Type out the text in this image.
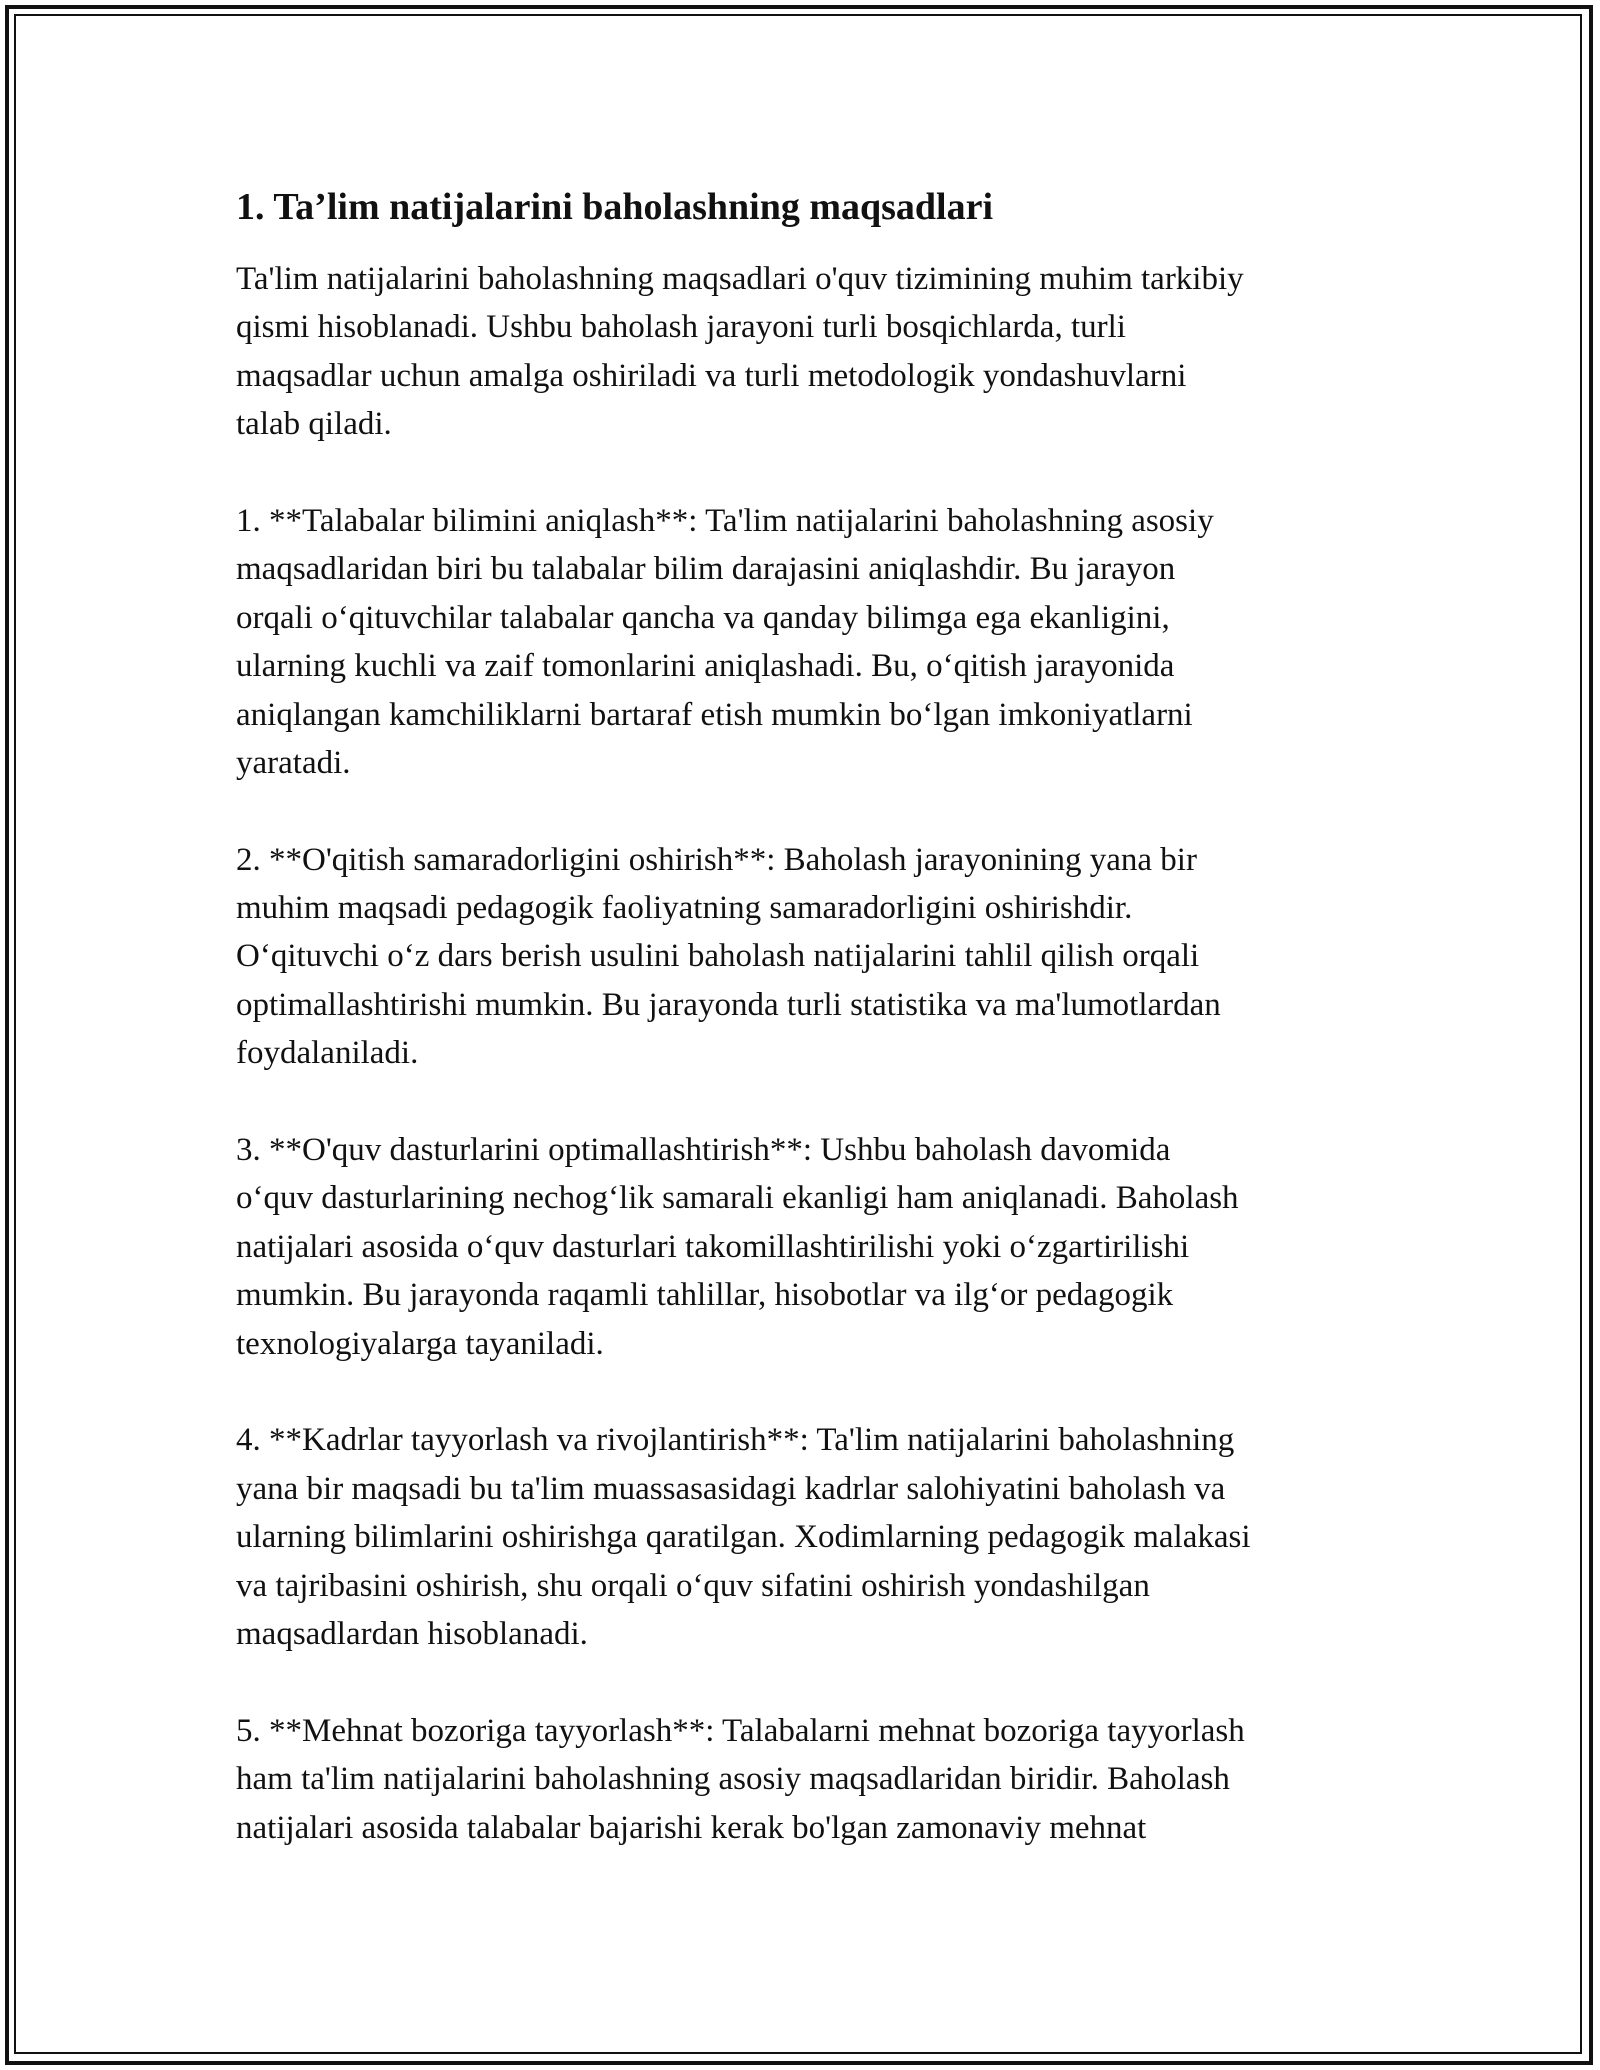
1. Ta’lim natijalarini baholashning maqsadlari
Ta'lim natijalarini baholashning maqsadlari o'quv tizimining muhim tarkibiy
qismi hisoblanadi. Ushbu baholash jarayoni turli bosqichlarda, turli
maqsadlar uchun amalga oshiriladi va turli metodologik yondashuvlarni
talab qiladi.
1. **Talabalar bilimini aniqlash**: Ta'lim natijalarini baholashning asosiy
maqsadlaridan biri bu talabalar bilim darajasini aniqlashdir. Bu jarayon
orqali o‘qituvchilar talabalar qancha va qanday bilimga ega ekanligini,
ularning kuchli va zaif tomonlarini aniqlashadi. Bu, o‘qitish jarayonida
aniqlangan kamchiliklarni bartaraf etish mumkin bo‘lgan imkoniyatlarni
yaratadi.
2. **O'qitish samaradorligini oshirish**: Baholash jarayonining yana bir
muhim maqsadi pedagogik faoliyatning samaradorligini oshirishdir.
O‘qituvchi o‘z dars berish usulini baholash natijalarini tahlil qilish orqali
optimallashtirishi mumkin. Bu jarayonda turli statistika va ma'lumotlardan
foydalaniladi.
3. **O'quv dasturlarini optimallashtirish**: Ushbu baholash davomida
o‘quv dasturlarining nechog‘lik samarali ekanligi ham aniqlanadi. Baholash
natijalari asosida o‘quv dasturlari takomillashtirilishi yoki o‘zgartirilishi
mumkin. Bu jarayonda raqamli tahlillar, hisobotlar va ilg‘or pedagogik
texnologiyalarga tayaniladi.
4. **Kadrlar tayyorlash va rivojlantirish**: Ta'lim natijalarini baholashning
yana bir maqsadi bu ta'lim muassasasidagi kadrlar salohiyatini baholash va
ularning bilimlarini oshirishga qaratilgan. Xodimlarning pedagogik malakasi
va tajribasini oshirish, shu orqali o‘quv sifatini oshirish yondashilgan
maqsadlardan hisoblanadi.
5. **Mehnat bozoriga tayyorlash**: Talabalarni mehnat bozoriga tayyorlash
ham ta'lim natijalarini baholashning asosiy maqsadlaridan biridir. Baholash
natijalari asosida talabalar bajarishi kerak bo'lgan zamonaviy mehnat
